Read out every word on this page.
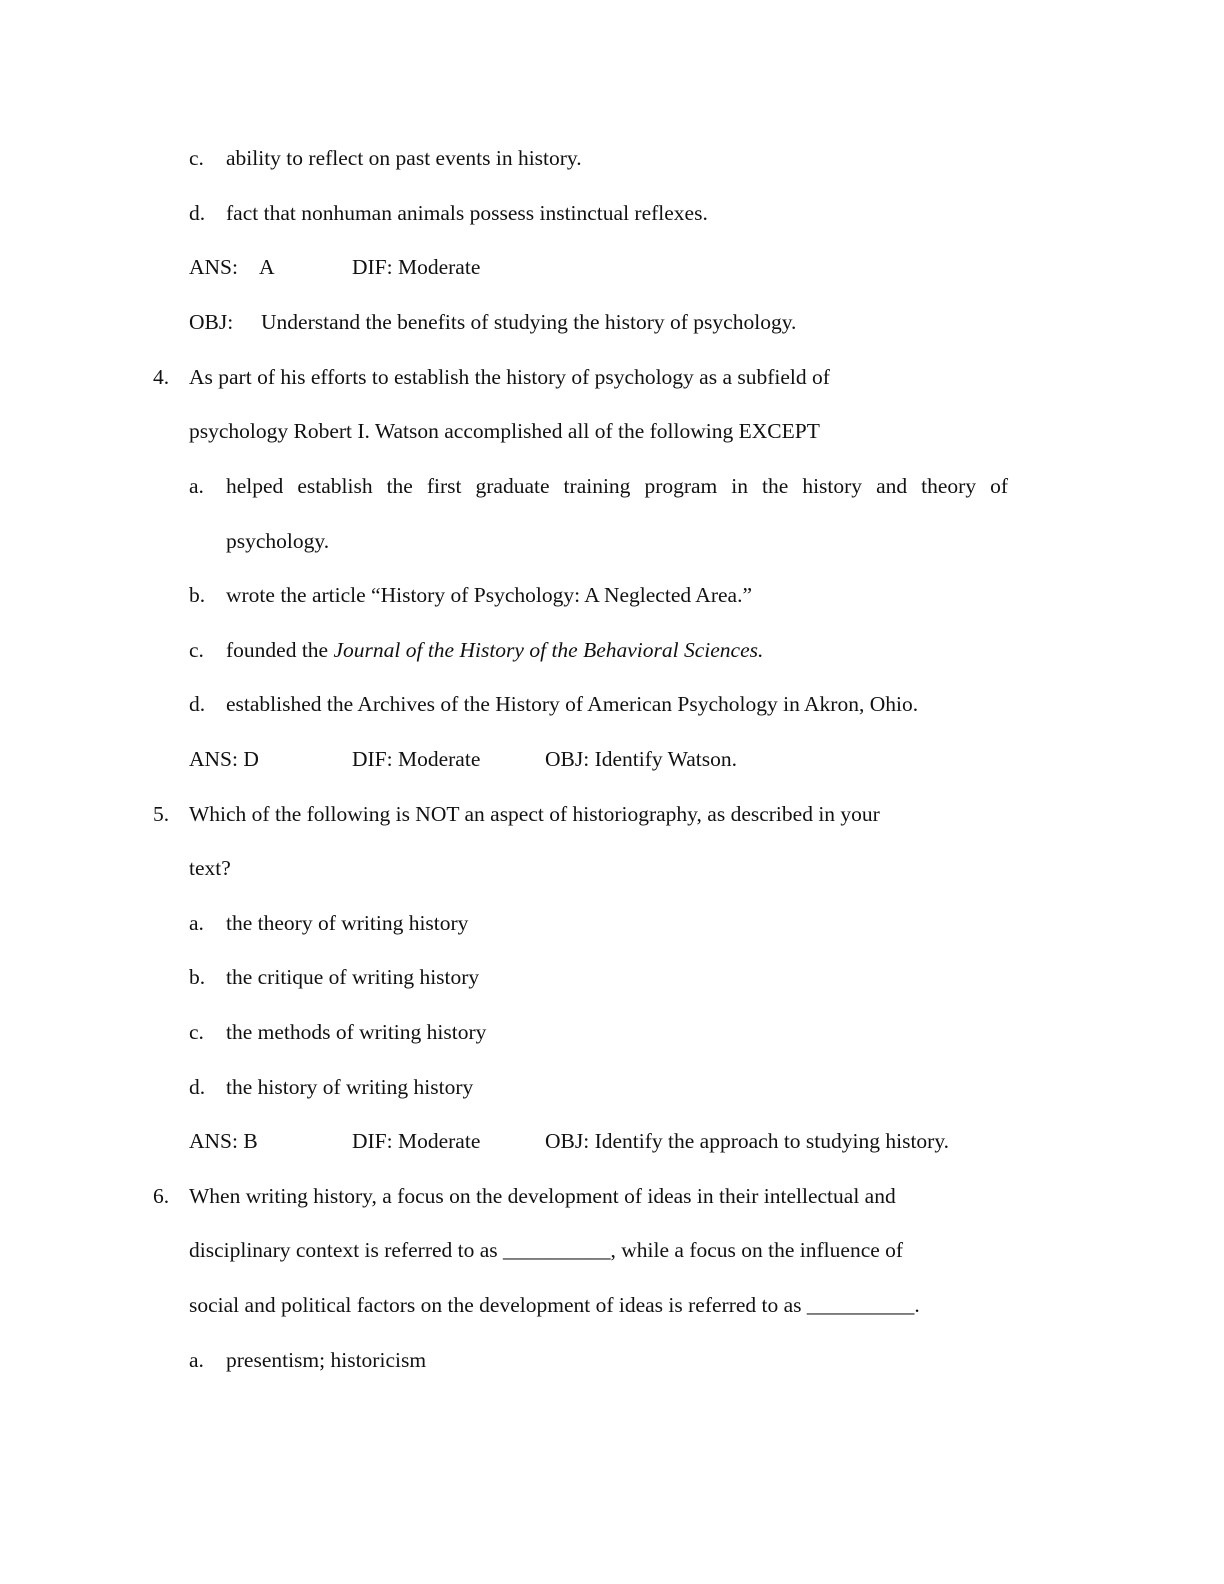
c. ability to reflect on past events in history.
d. fact that nonhuman animals possess instinctual reflexes.
ANS: A	DIF: Moderate
OBJ: Understand the benefits of studying the history of psychology.
4. As part of his efforts to establish the history of psychology as a subfield of
psychology Robert I. Watson accomplished all of the following EXCEPT
a. helped establish the first graduate training program in the history and theory of
psychology.
b. wrote the article “History of Psychology: A Neglected Area.”
c. founded the Journal of the History of the Behavioral Sciences.
d. established the Archives of the History of American Psychology in Akron, Ohio.
ANS: D	DIF: Moderate	OBJ: Identify Watson.
5. Which of the following is NOT an aspect of historiography, as described in your
text?
a. the theory of writing history
b. the critique of writing history
c. the methods of writing history
d. the history of writing history
ANS: B	DIF: Moderate	OBJ: Identify the approach to studying history.
6. When writing history, a focus on the development of ideas in their intellectual and
disciplinary context is referred to as __________, while a focus on the influence of
social and political factors on the development of ideas is referred to as __________.
a. presentism; historicism
